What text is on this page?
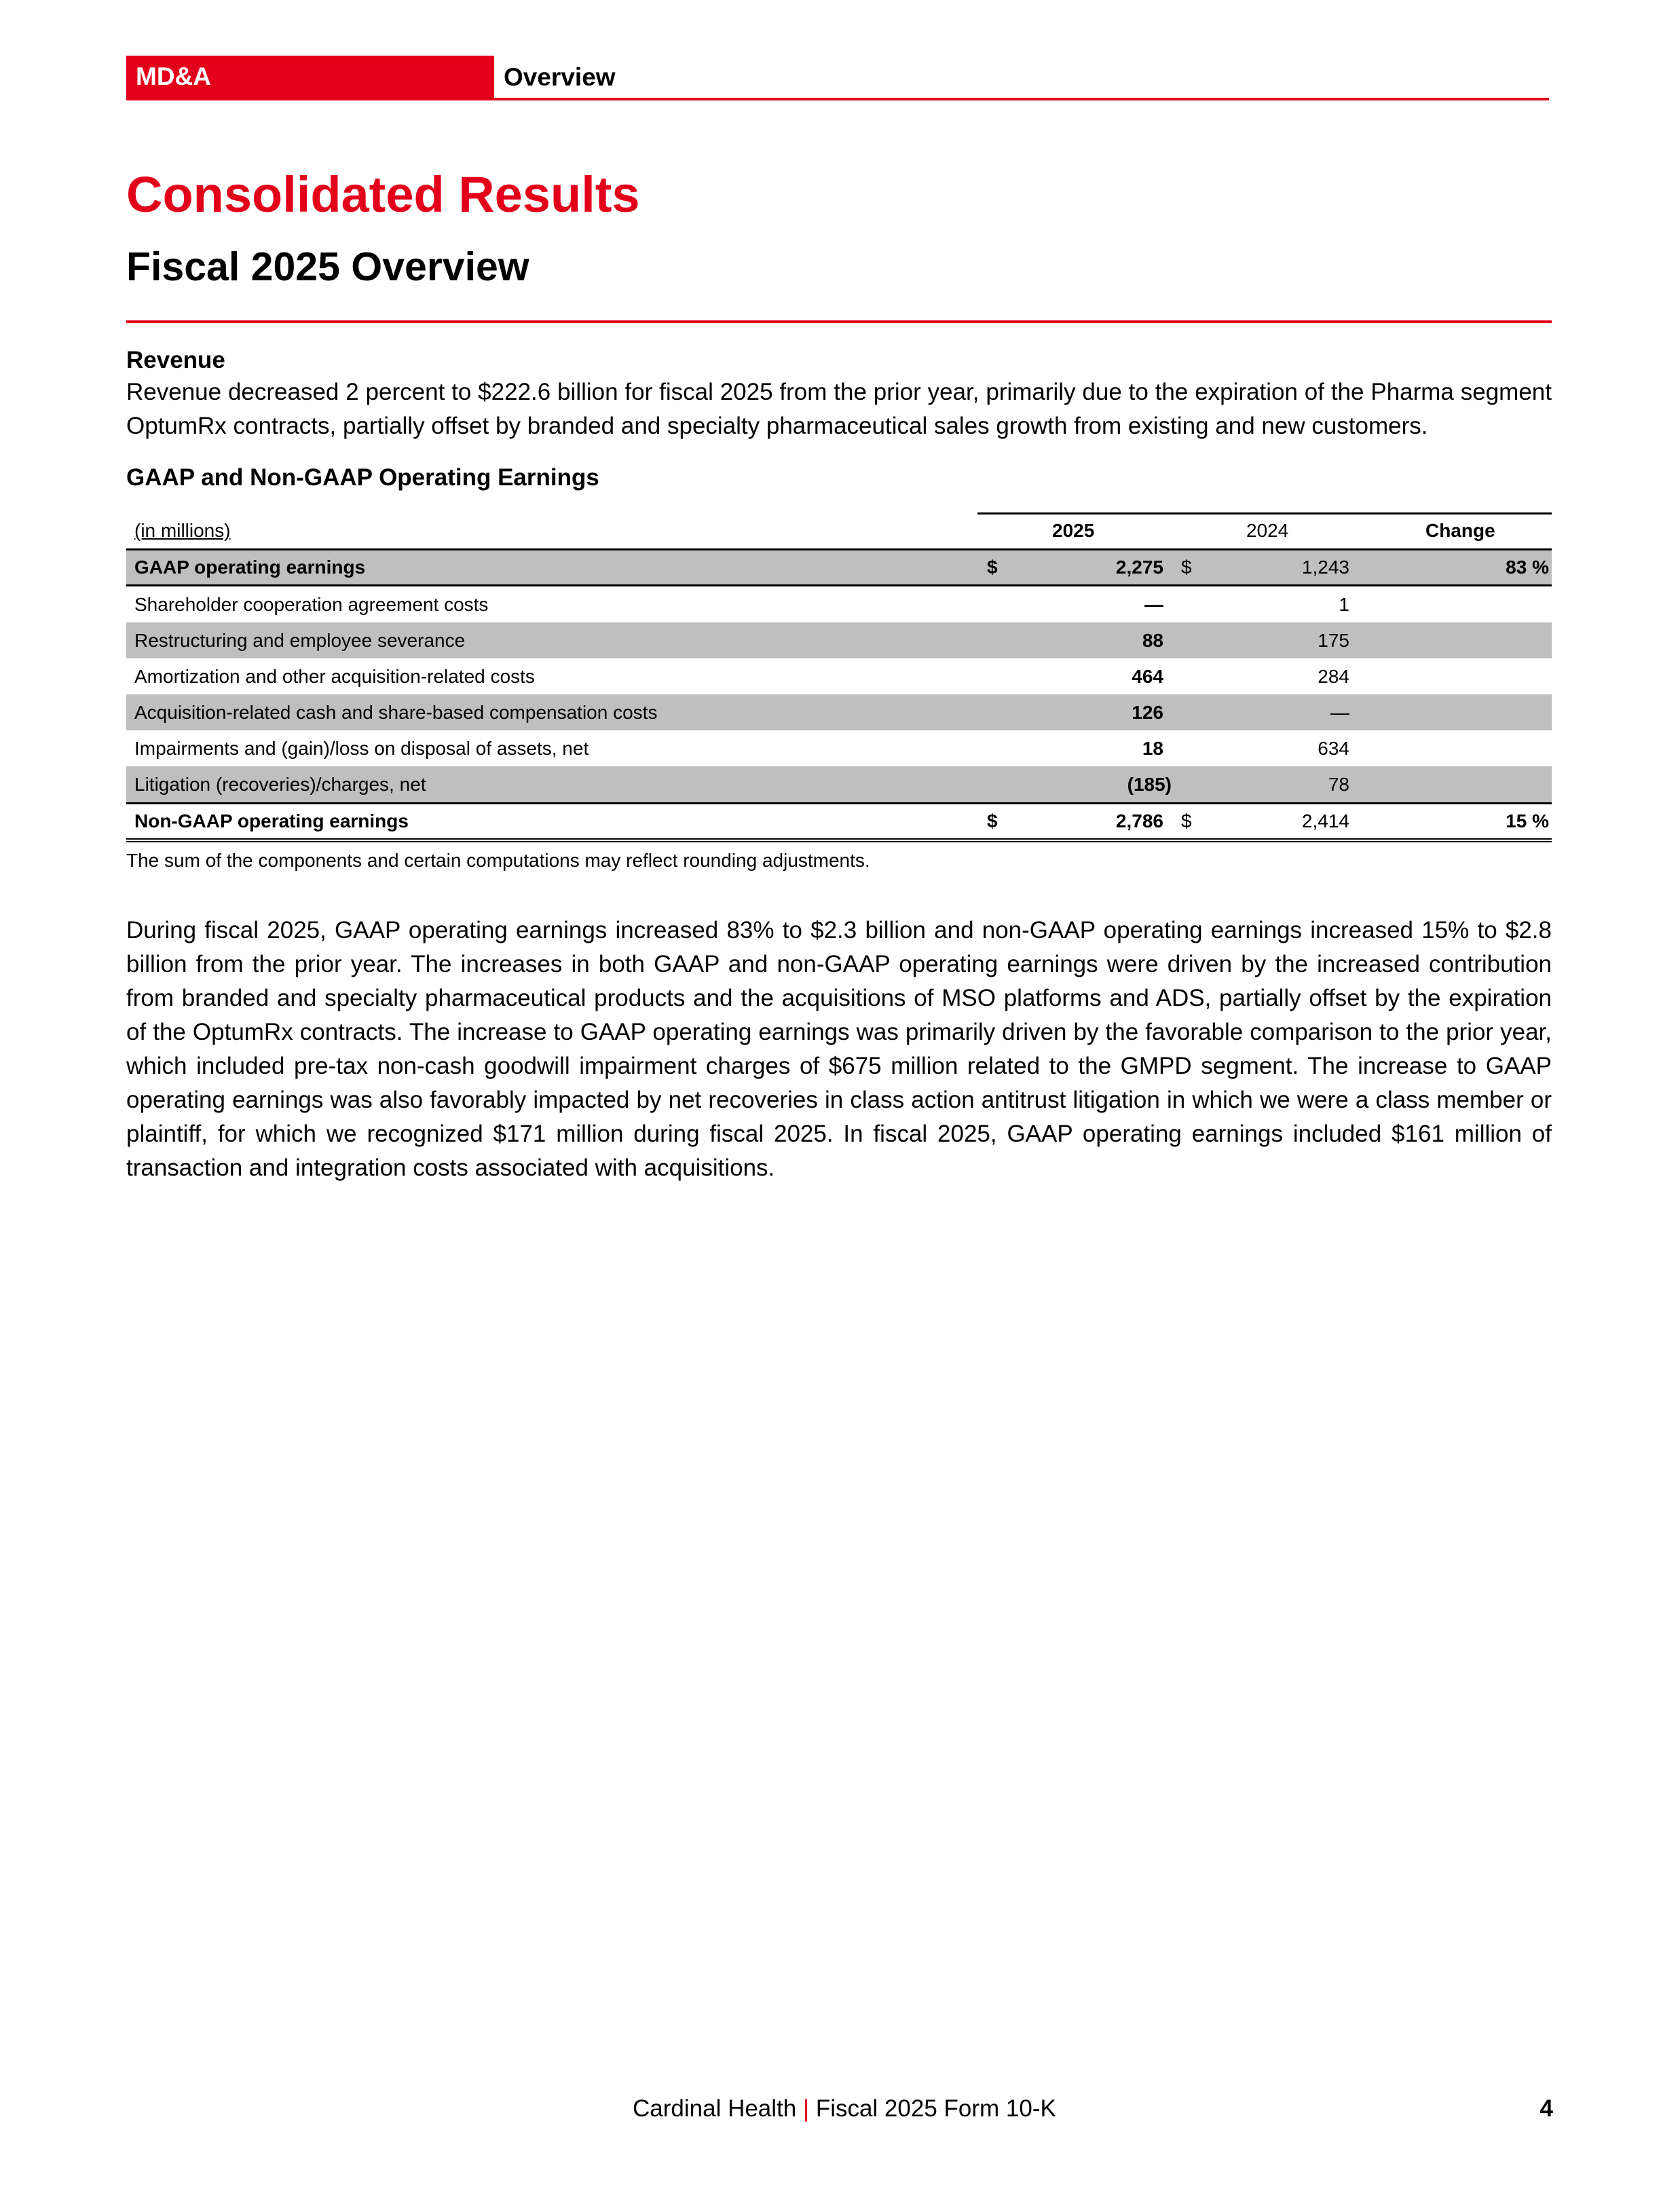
MD&A	Overview
Consolidated Results
Fiscal 2025 Overview
Revenue

Revenue decreased 2 percent to $222.6 billion for fiscal 2025 from the prior year, primarily due to the expiration of the Pharma segment OptumRx contracts, partially offset by branded and specialty pharmaceutical sales growth from existing and new customers.

GAAP and Non-GAAP Operating Earnings
(in millions)	2025	2024	Change
GAAP operating earnings	$	2,275 $	1,243	83 %
Shareholder cooperation agreement costs	—	1
Restructuring and employee severance	88	175
Amortization and other acquisition-related costs	464	284
Acquisition-related cash and share-based compensation costs	126	—
Impairments and (gain)/loss on disposal of assets, net	18	634
Litigation (recoveries)/charges, net	(185)	78
Non-GAAP operating earnings	$	2,786 $	2,414	15 %

The sum of the components and certain computations may reflect rounding adjustments.

During fiscal 2025, GAAP operating earnings increased 83% to $2.3 billion and non-GAAP operating earnings increased 15% to $2.8 billion from the prior year. The increases in both GAAP and non-GAAP operating earnings were driven by the increased contribution from branded and specialty pharmaceutical products and the acquisitions of MSO platforms and ADS, partially offset by the expiration of the OptumRx contracts. The increase to GAAP operating earnings was primarily driven by the favorable comparison to the prior year, which included pre-tax non-cash goodwill impairment charges of $675 million related to the GMPD segment. The increase to GAAP operating earnings was also favorably impacted by net recoveries in class action antitrust litigation in which we were a class member or plaintiff, for which we recognized $171 million during fiscal 2025. In fiscal 2025, GAAP operating earnings included $161 million of transaction and integration costs associated with acquisitions.

Cardinal Health | Fiscal 2025 Form 10-K	4
